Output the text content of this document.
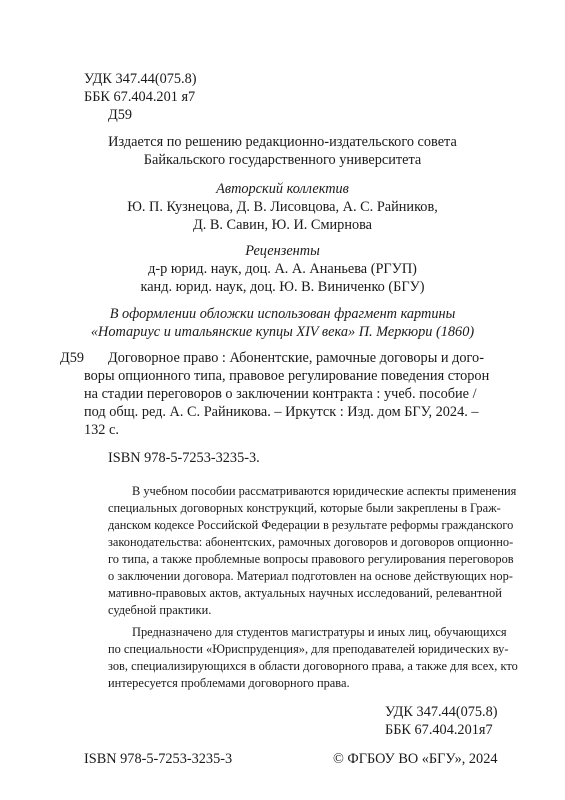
УДК 347.44(075.8)
ББК 67.404.201 я7
Д59
Издается по решению редакционно-издательского совета
Байкальского государственного университета
Авторский коллектив
Ю. П. Кузнецова, Д. В. Лисовцова, А. С. Райников,
Д. В. Савин, Ю. И. Смирнова
Рецензенты
д-р юрид. наук, доц. А. А. Ананьева (РГУП)
канд. юрид. наук, доц. Ю. В. Виниченко (БГУ)
В оформлении обложки использован фрагмент картины
«Нотариус и итальянские купцы XIV века» П. Меркюри (1860)
Д59 Договорное право : Абонентские, рамочные договоры и дого-
воры опционного типа, правовое регулирование поведения сторон
на стадии переговоров о заключении контракта : учеб. пособие /
под общ. ред. А. С. Райникова. – Иркутск : Изд. дом БГУ, 2024. –
132 с.
ISBN 978-5-7253-3235-3.
В учебном пособии рассматриваются юридические аспекты применения
специальных договорных конструкций, которые были закреплены в Граж-
данском кодексе Российской Федерации в результате реформы гражданского
законодательства: абонентских, рамочных договоров и договоров опционно-
го типа, а также проблемные вопросы правового регулирования переговоров
о заключении договора. Материал подготовлен на основе действующих нор-
мативно-правовых актов, актуальных научных исследований, релевантной
судебной практики.
Предназначено для студентов магистратуры и иных лиц, обучающихся
по специальности «Юриспруденция», для преподавателей юридических ву-
зов, специализирующихся в области договорного права, а также для всех, кто
интересуется проблемами договорного права.
УДК 347.44(075.8)
ББК 67.404.201я7
ISBN 978-5-7253-3235-3	© ФГБОУ ВО «БГУ», 2024
